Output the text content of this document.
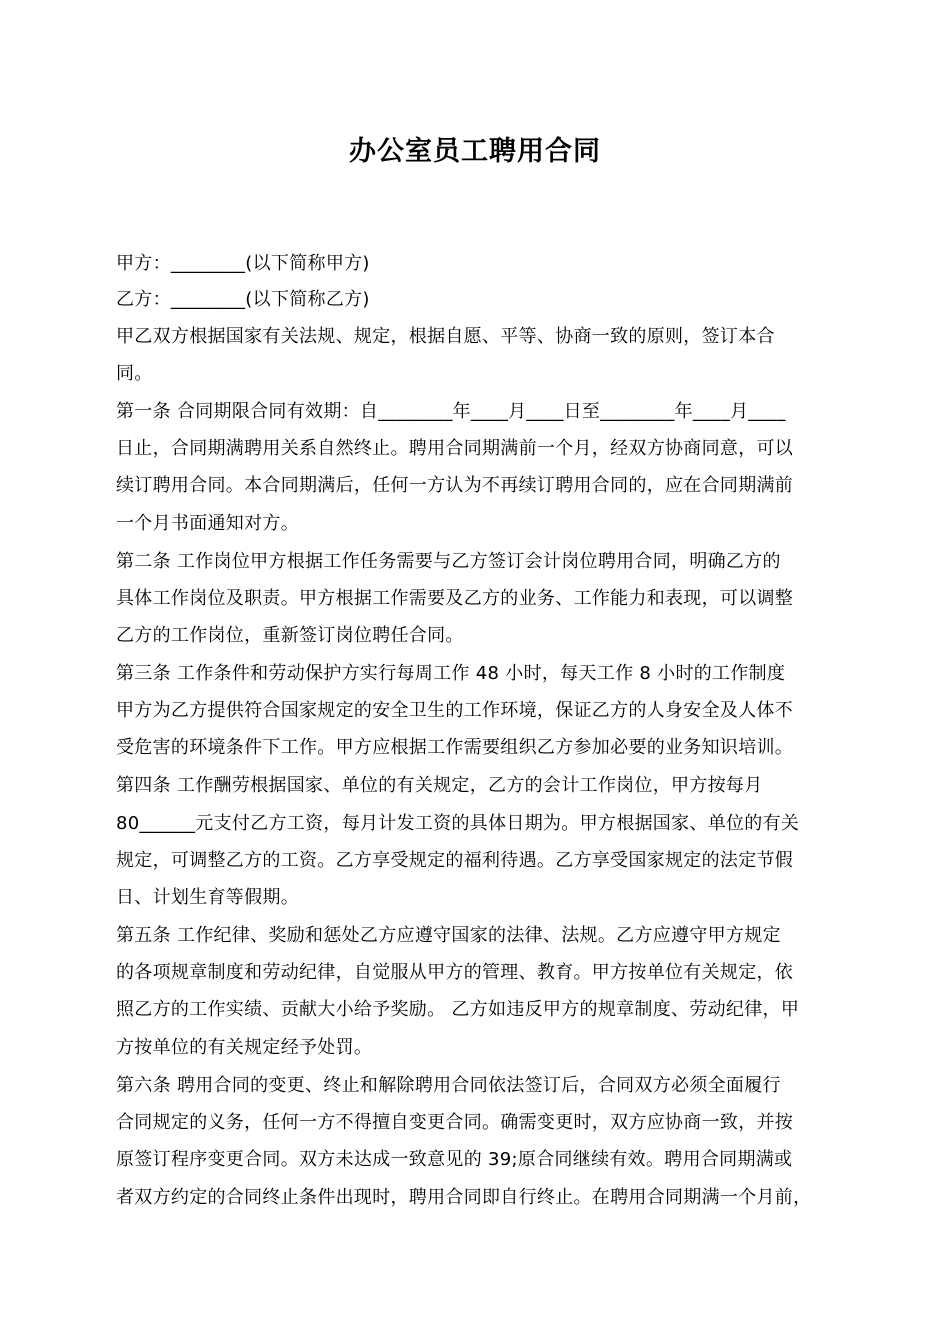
办公室员工聘用合同
甲方：________(以下简称甲方)
乙方：________(以下简称乙方)
甲乙双方根据国家有关法规、规定，根据自愿、平等、协商一致的原则，签订本合
同。
第一条 合同期限合同有效期：自________年____月____日至________年____月____
日止，合同期满聘用关系自然终止。聘用合同期满前一个月，经双方协商同意，可以
续订聘用合同。本合同期满后，任何一方认为不再续订聘用合同的，应在合同期满前
一个月书面通知对方。
第二条 工作岗位甲方根据工作任务需要与乙方签订会计岗位聘用合同，明确乙方的
具体工作岗位及职责。甲方根据工作需要及乙方的业务、工作能力和表现，可以调整
乙方的工作岗位，重新签订岗位聘任合同。
第三条 工作条件和劳动保护方实行每周工作 48 小时，每天工作 8 小时的工作制度
甲方为乙方提供符合国家规定的安全卫生的工作环境，保证乙方的人身安全及人体不
受危害的环境条件下工作。甲方应根据工作需要组织乙方参加必要的业务知识培训。
第四条 工作酬劳根据国家、单位的有关规定，乙方的会计工作岗位，甲方按每月
80______元支付乙方工资，每月计发工资的具体日期为。甲方根据国家、单位的有关
规定，可调整乙方的工资。乙方享受规定的福利待遇。乙方享受国家规定的法定节假
日、计划生育等假期。
第五条 工作纪律、奖励和惩处乙方应遵守国家的法律、法规。乙方应遵守甲方规定
的各项规章制度和劳动纪律，自觉服从甲方的管理、教育。甲方按单位有关规定，依
照乙方的工作实绩、贡献大小给予奖励。 乙方如违反甲方的规章制度、劳动纪律，甲
方按单位的有关规定经予处罚。
第六条 聘用合同的变更、终止和解除聘用合同依法签订后，合同双方必须全面履行
合同规定的义务，任何一方不得擅自变更合同。确需变更时，双方应协商一致，并按
原签订程序变更合同。双方未达成一致意见的 39;原合同继续有效。聘用合同期满或
者双方约定的合同终止条件出现时，聘用合同即自行终止。在聘用合同期满一个月前，
